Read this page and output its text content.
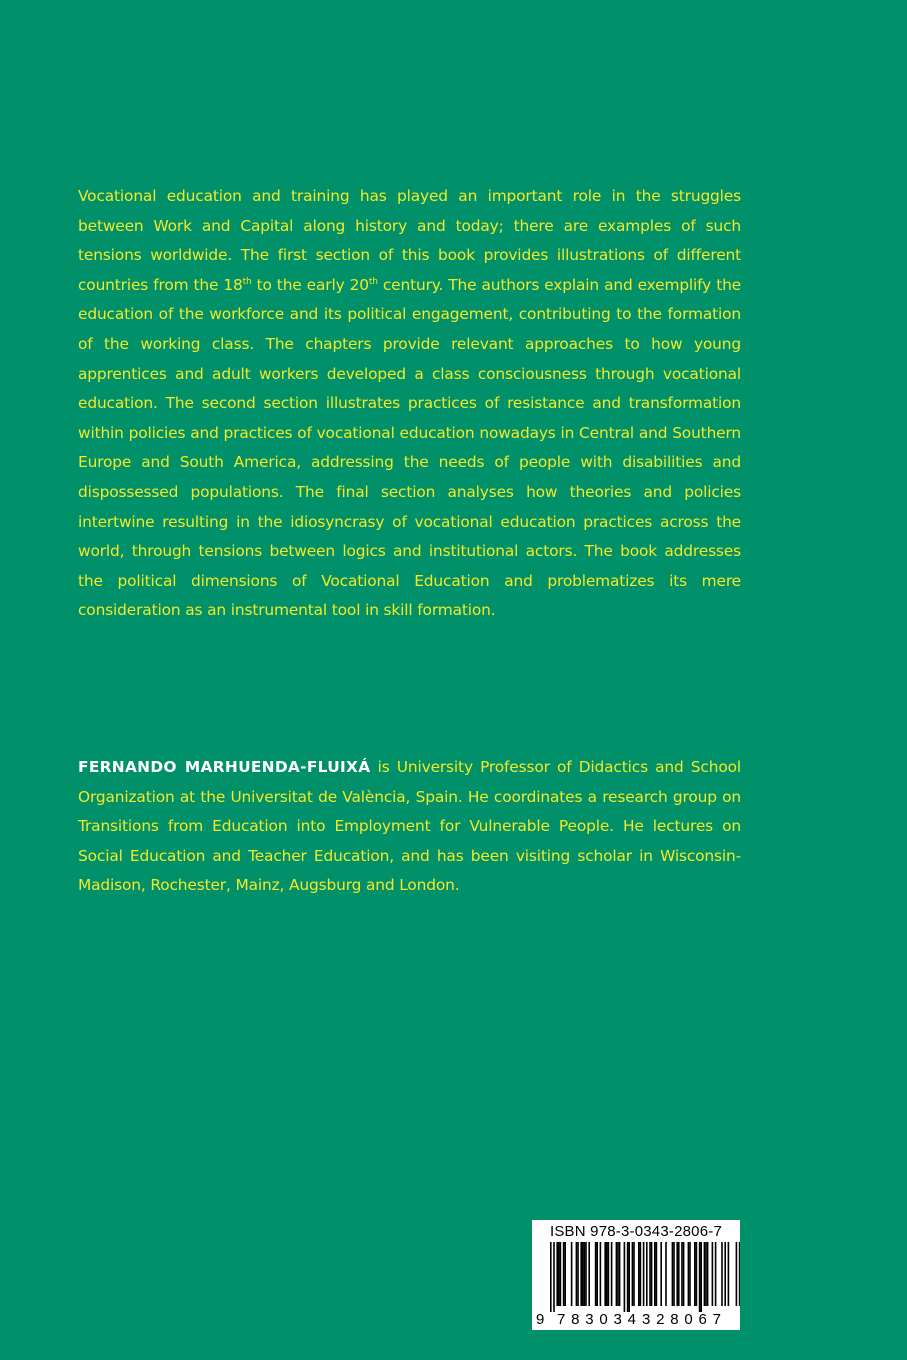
Vocational education and training has played an important role in the struggles between Work and Capital along history and today; there are examples of such tensions worldwide. The first section of this book provides illustrations of different countries from the 18th to the early 20th century. The authors explain and exemplify the education of the workforce and its political engagement, contributing to the formation of the working class. The chapters provide relevant approaches to how young apprentices and adult workers developed a class consciousness through vocational education. The second section illustrates practices of resistance and transformation within policies and practices of vocational education nowadays in Central and Southern Europe and South America, addressing the needs of people with disabilities and dispossessed populations. The final section analyses how theories and policies intertwine resulting in the idiosyncrasy of vocational education practices across the world, through tensions between logics and institutional actors. The book addresses the political dimensions of Vocational Education and problematizes its mere consideration as an instrumental tool in skill formation.
FERNANDO MARHUENDA-FLUIXÁ is University Professor of Didactics and School Organization at the Universitat de València, Spain. He coordinates a research group on Transitions from Education into Employment for Vulnerable People. He lectures on Social Education and Teacher Education, and has been visiting scholar in Wisconsin-Madison, Rochester, Mainz, Augsburg and London.
ISBN 978-3-0343-2806-7
9 783034 328067
